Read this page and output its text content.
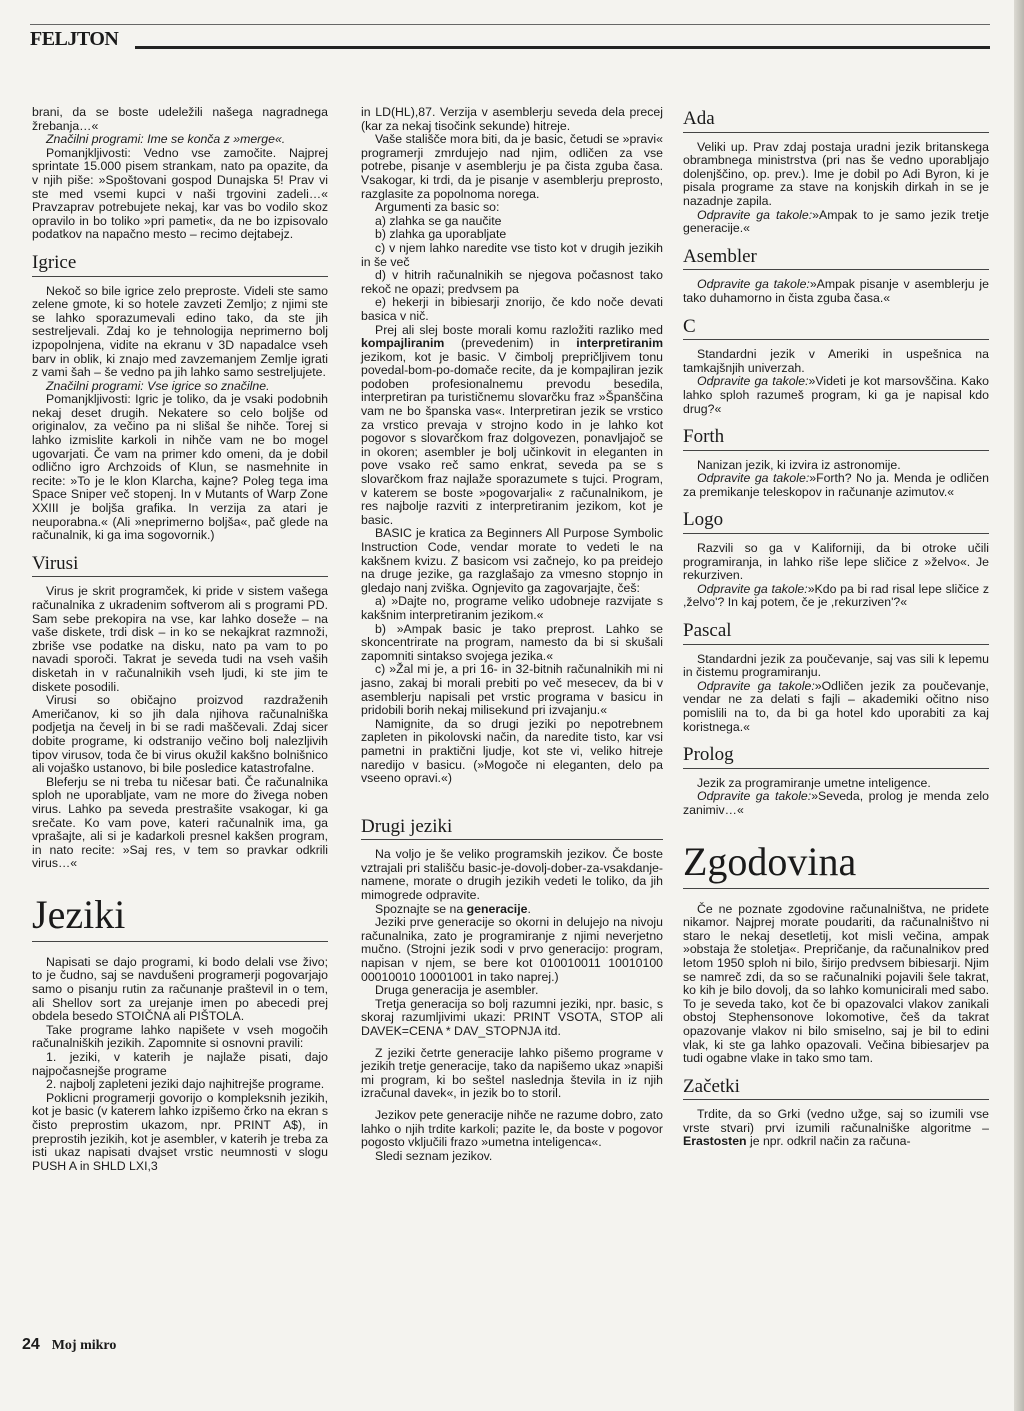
FELJTON

brani, da se boste udeležili našega nagradnega žrebanja…«

Značilni programi: Ime se konča z »merge«.

Pomanjkljivosti: Vedno vse zamočite. Najprej sprintate 15.000 pisem strankam, nato pa opazite, da v njih piše: »Spoštovani gospod Dunajska 5! Prav vi ste med vsemi kupci v naši trgovini zadeli…« Pravzaprav potrebujete nekaj, kar vas bo vodilo skoz opravilo in bo toliko »pri pameti«, da ne bo izpisovalo podatkov na napačno mesto – recimo dejtabejz.

Igrice

Nekoč so bile igrice zelo preproste. Videli ste samo zelene gmote, ki so hotele zavzeti Zemljo; z njimi ste se lahko sporazumevali edino tako, da ste jih sestreljevali. Zdaj ko je tehnologija neprimerno bolj izpopolnjena, vidite na ekranu v 3D napadalce vseh barv in oblik, ki znajo med zavzemanjem Zemlje igrati z vami šah – še vedno pa jih lahko samo sestreljujete.

Značilni programi: Vse igrice so značilne.

Pomanjkljivosti: Igric je toliko, da je vsaki podobnih nekaj deset drugih. Nekatere so celo boljše od originalov, za večino pa ni slišal še nihče. Torej si lahko izmislite karkoli in nihče vam ne bo mogel ugovarjati. Če vam na primer kdo omeni, da je dobil odlično igro Archzoids of Klun, se nasmehnite in recite: »To je le klon Klarcha, kajne? Poleg tega ima Space Sniper več stopenj. In v Mutants of Warp Zone XXIII je boljša grafika. In verzija za atari je neuporabna.« (Ali »neprimerno boljša«, pač glede na računalnik, ki ga ima sogovornik.)

Virusi

Virus je skrit programček, ki pride v sistem vašega računalnika z ukradenim softverom ali s programi PD. Sam sebe prekopira na vse, kar lahko doseže – na vaše diskete, trdi disk – in ko se nekajkrat razmnoži, zbriše vse podatke na disku, nato pa vam to po navadi sporoči. Takrat je seveda tudi na vseh vaših disketah in v računalnikih vseh ljudi, ki ste jim te diskete posodili.

Virusi so običajno proizvod razdraženih Američanov, ki so jih dala njihova računalniška podjetja na čevelj in bi se radi maščevali. Zdaj sicer dobite programe, ki odstranijo večino bolj nalezljivih tipov virusov, toda če bi virus okužil kakšno bolnišnico ali vojaško ustanovo, bi bile posledice katastrofalne.

Bleferju se ni treba tu ničesar bati. Če računalnika sploh ne uporabljate, vam ne more do živega noben virus. Lahko pa seveda prestrašite vsakogar, ki ga srečate. Ko vam pove, kateri računalnik ima, ga vprašajte, ali si je kadarkoli presnel kakšen program, in nato recite: »Saj res, v tem so pravkar odkrili virus…«

Jeziki

Napisati se dajo programi, ki bodo delali vse živo; to je čudno, saj se navdušeni programerji pogovarjajo samo o pisanju rutin za računanje praštevil in o tem, ali Shellov sort za urejanje imen po abecedi prej obdela besedo STOIČNA ali PIŠTOLA.

Take programe lahko napišete v vseh mogočih računalniških jezikih. Zapomnite si osnovni pravili:

1. jeziki, v katerih je najlaže pisati, dajo najpočasnejše programe

2. najbolj zapleteni jeziki dajo najhitrejše programe.

Poklicni programerji govorijo o kompleksnih jezikih, kot je basic (v katerem lahko izpišemo črko na ekran s čisto preprostim ukazom, npr. PRINT A$), in preprostih jezikih, kot je asembler, v katerih je treba za isti ukaz napisati dvajset vrstic neumnosti v slogu PUSH A in SHLD LXI,3

in LD(HL),87. Verzija v asemblerju seveda dela precej (kar za nekaj tisočink sekunde) hitreje.

Vaše stališče mora biti, da je basic, četudi se »pravi« programerji zmrdujejo nad njim, odličen za vse potrebe, pisanje v asemblerju je pa čista zguba časa. Vsakogar, ki trdi, da je pisanje v asemblerju preprosto, razglasite za popolnoma norega.

Argumenti za basic so:

a) zlahka se ga naučite

b) zlahka ga uporabljate

c) v njem lahko naredite vse tisto kot v drugih jezikih in še več

d) v hitrih računalnikih se njegova počasnost tako rekoč ne opazi; predvsem pa

e) hekerji in bibiesarji znorijo, če kdo noče devati basica v nič.

Prej ali slej boste morali komu razložiti razliko med kompajliranim (prevedenim) in interpretiranim jezikom, kot je basic. V čimbolj prepričljivem tonu povedal-bom-po-domače recite, da je kompajliran jezik podoben profesionalnemu prevodu besedila, interpretiran pa turističnemu slovarčku fraz »Španščina vam ne bo španska vas«. Interpretiran jezik se vrstico za vrstico prevaja v strojno kodo in je lahko kot pogovor s slovarčkom fraz dolgovezen, ponavljajoč se in okoren; asembler je bolj učinkovit in eleganten in pove vsako reč samo enkrat, seveda pa se s slovarčkom fraz najlaže sporazumete s tujci. Program, v katerem se boste »pogovarjali« z računalnikom, je res najbolje razviti z interpretiranim jezikom, kot je basic.

BASIC je kratica za Beginners All Purpose Symbolic Instruction Code, vendar morate to vedeti le na kakšnem kvizu. Z basicom vsi začnejo, ko pa preidejo na druge jezike, ga razglašajo za vmesno stopnjo in gledajo nanj zviška. Ognjevito ga zagovarjajte, češ:

a) »Dajte no, programe veliko udobneje razvijate s kakšnim interpretiranim jezikom.«

b) »Ampak basic je tako preprost. Lahko se skoncentrirate na program, namesto da bi si skušali zapomniti sintakso svojega jezika.«

c) »Žal mi je, a pri 16- in 32-bitnih računalnikih mi ni jasno, zakaj bi morali prebiti po več mesecev, da bi v asemblerju napisali pet vrstic programa v basicu in pridobili borih nekaj milisekund pri izvajanju.«

Namignite, da so drugi jeziki po nepotrebnem zapleten in pikolovski način, da naredite tisto, kar vsi pametni in praktični ljudje, kot ste vi, veliko hitreje naredijo v basicu. (»Mogoče ni eleganten, delo pa vseeno opravi.«)

Drugi jeziki

Na voljo je še veliko programskih jezikov. Če boste vztrajali pri stališču basic-je-dovolj-dober-za-vsakdanje-namene, morate o drugih jezikih vedeti le toliko, da jih mimogrede odpravite.

Spoznajte se na generacije.

Jeziki prve generacije so okorni in delujejo na nivoju računalnika, zato je programiranje z njimi neverjetno mučno. (Strojni jezik sodi v prvo generacijo: program, napisan v njem, se bere kot 010010011 10010100 00010010 10001001 in tako naprej.)

Druga generacija je asembler.

Tretja generacija so bolj razumni jeziki, npr. basic, s skoraj razumljivimi ukazi: PRINT VSOTA, STOP ali DAVEK=CENA * DAV_STOPNJA itd.

Z jeziki četrte generacije lahko pišemo programe v jezikih tretje generacije, tako da napišemo ukaz »napiši mi program, ki bo seštel naslednja števila in iz njih izračunal davek«, in jezik bo to storil.

Jezikov pete generacije nihče ne razume dobro, zato lahko o njih trdite karkoli; pazite le, da boste v pogovor pogosto vključili frazo »umetna inteligenca«.

Sledi seznam jezikov.

Ada

Veliki up. Prav zdaj postaja uradni jezik britanskega obrambnega ministrstva (pri nas še vedno uporabljajo dolenjščino, op. prev.). Ime je dobil po Adi Byron, ki je pisala programe za stave na konjskih dirkah in se je nazadnje zapila.

Odpravite ga takole:»Ampak to je samo jezik tretje generacije.«

Asembler

Odpravite ga takole:»Ampak pisanje v asemblerju je tako duhamorno in čista zguba časa.«

C

Standardni jezik v Ameriki in uspešnica na tamkajšnjih univerzah.

Odpravite ga takole:»Videti je kot marsovščina. Kako lahko sploh razumeš program, ki ga je napisal kdo drug?«

Forth

Nanizan jezik, ki izvira iz astronomije.

Odpravite ga takole:»Forth? No ja. Menda je odličen za premikanje teleskopov in računanje azimutov.«

Logo

Razvili so ga v Kaliforniji, da bi otroke učili programiranja, in lahko riše lepe sličice z »želvo«. Je rekurziven.

Odpravite ga takole:»Kdo pa bi rad risal lepe sličice z ,želvo'? In kaj potem, če je ,rekurziven'?«

Pascal

Standardni jezik za poučevanje, saj vas sili k lepemu in čistemu programiranju.

Odpravite ga takole:»Odličen jezik za poučevanje, vendar ne za delati s fajli – akademiki očitno niso pomislili na to, da bi ga hotel kdo uporabiti za kaj koristnega.«

Prolog

Jezik za programiranje umetne inteligence.

Odpravite ga takole:»Seveda, prolog je menda zelo zanimiv…«

Zgodovina

Če ne poznate zgodovine računalništva, ne pridete nikamor. Najprej morate poudariti, da računalništvo ni staro le nekaj desetletij, kot misli večina, ampak »obstaja že stoletja«. Prepričanje, da računalnikov pred letom 1950 sploh ni bilo, širijo predvsem bibiesarji. Njim se namreč zdi, da so se računalniki pojavili šele takrat, ko kih je bilo dovolj, da so lahko komunicirali med sabo. To je seveda tako, kot če bi opazovalci vlakov zanikali obstoj Stephensonove lokomotive, češ da takrat opazovanje vlakov ni bilo smiselno, saj je bil to edini vlak, ki ste ga lahko opazovali. Večina bibiesarjev pa tudi ogabne vlake in tako smo tam.

Začetki

Trdite, da so Grki (vedno užge, saj so izumili vse vrste stvari) prvi izumili računalniške algoritme – Erastosten je npr. odkril način za računa-

24 Moj mikro
